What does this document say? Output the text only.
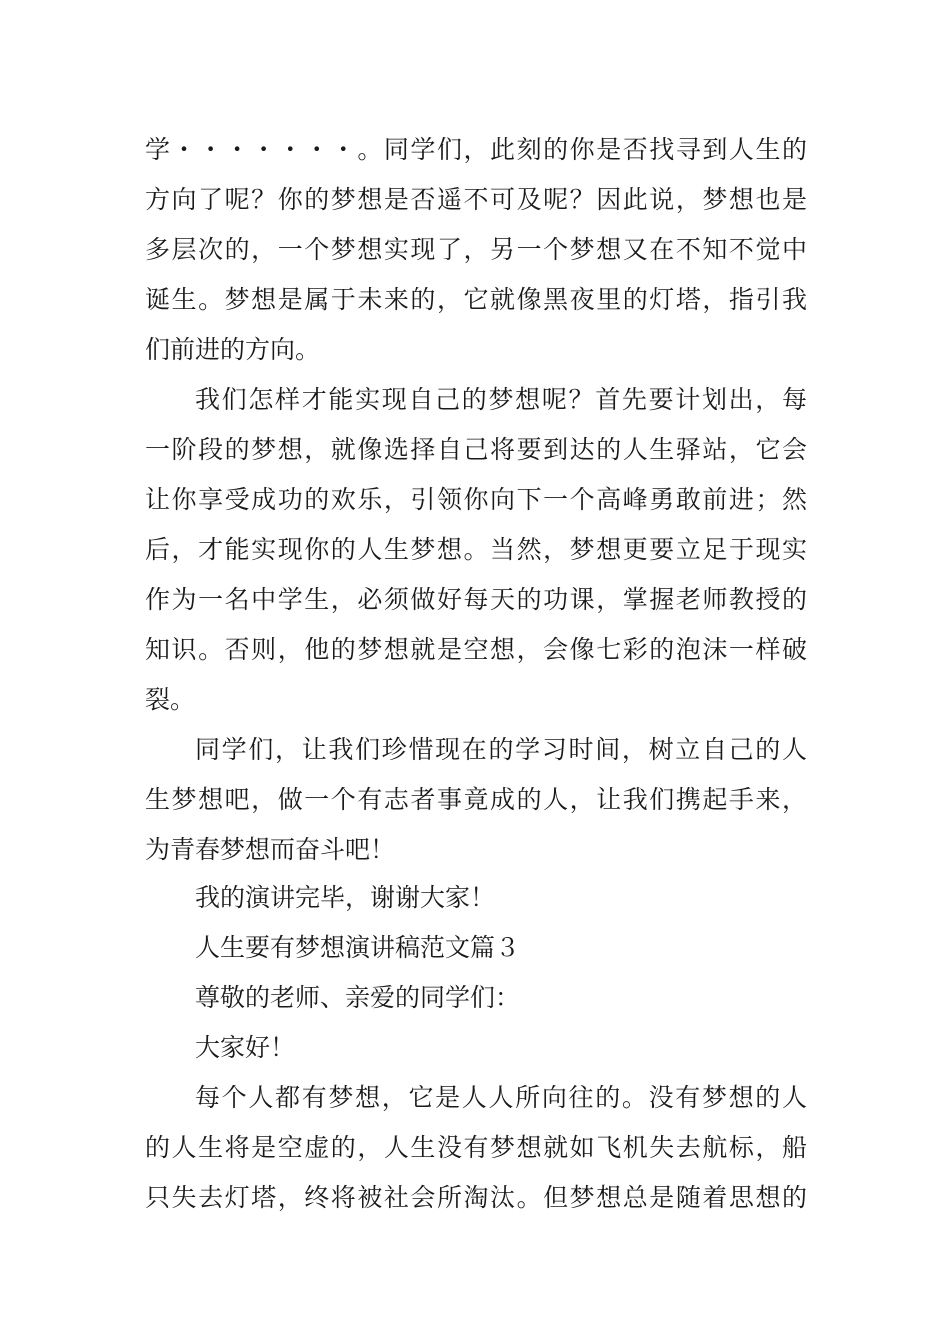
学・・・・・・・。同学们，此刻的你是否找寻到人生的
方向了呢？你的梦想是否遥不可及呢？因此说，梦想也是
多层次的，一个梦想实现了，另一个梦想又在不知不觉中
诞生。梦想是属于未来的，它就像黑夜里的灯塔，指引我
们前进的方向。
我们怎样才能实现自己的梦想呢？首先要计划出，每
一阶段的梦想，就像选择自己将要到达的人生驿站，它会
让你享受成功的欢乐，引领你向下一个高峰勇敢前进；然
后，才能实现你的人生梦想。当然，梦想更要立足于现实
作为一名中学生，必须做好每天的功课，掌握老师教授的
知识。否则，他的梦想就是空想，会像七彩的泡沫一样破
裂。
同学们，让我们珍惜现在的学习时间，树立自己的人
生梦想吧，做一个有志者事竟成的人，让我们携起手来，
为青春梦想而奋斗吧！
我的演讲完毕，谢谢大家！
人生要有梦想演讲稿范文篇３
尊敬的老师、亲爱的同学们：
大家好！
每个人都有梦想，它是人人所向往的。没有梦想的人
的人生将是空虚的，人生没有梦想就如飞机失去航标，船
只失去灯塔，终将被社会所淘汰。但梦想总是随着思想的
